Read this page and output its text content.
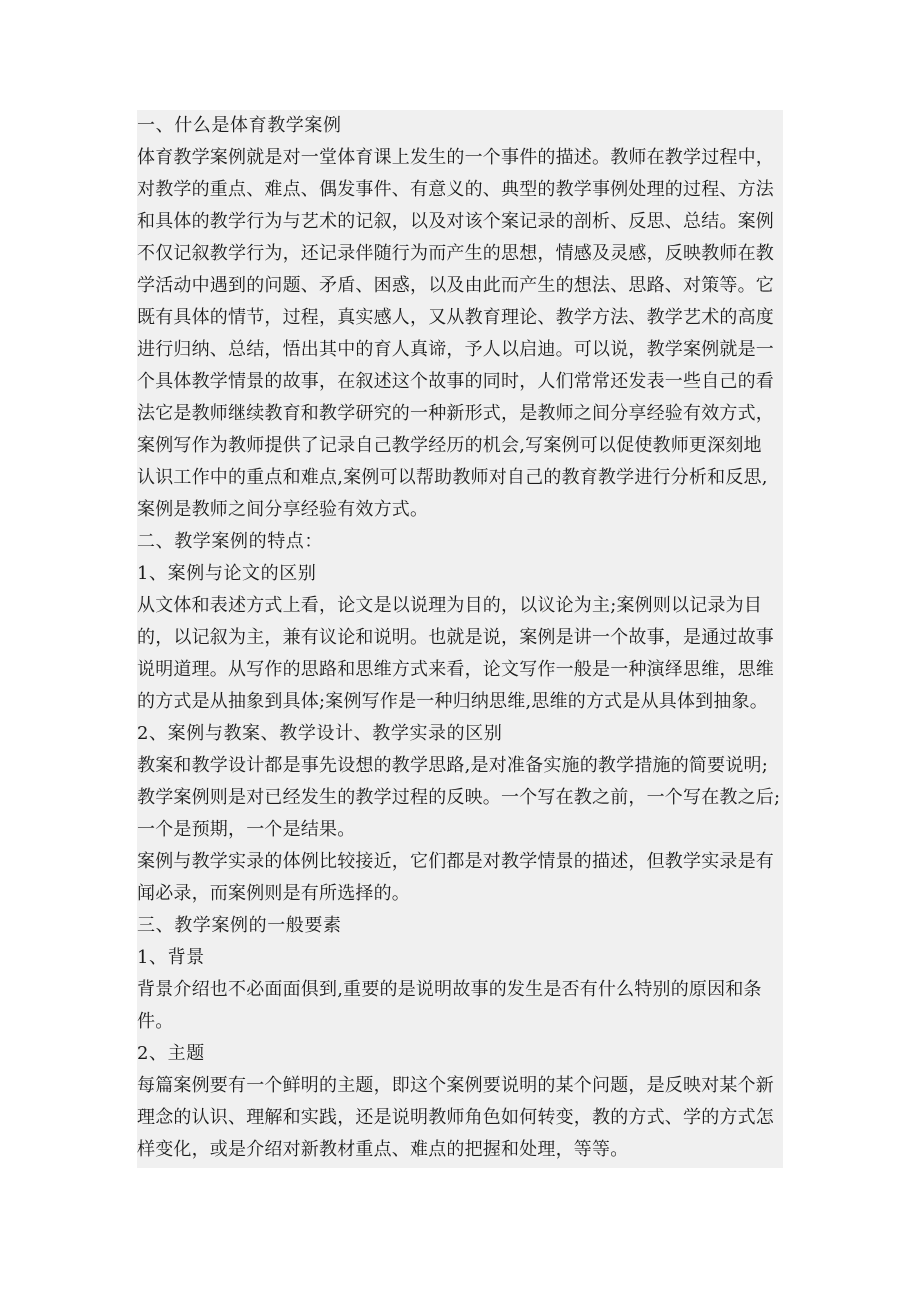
一、什么是体育教学案例
体育教学案例就是对一堂体育课上发生的一个事件的描述。教师在教学过程中，
对教学的重点、难点、偶发事件、有意义的、典型的教学事例处理的过程、方法
和具体的教学行为与艺术的记叙，以及对该个案记录的剖析、反思、总结。案例
不仅记叙教学行为，还记录伴随行为而产生的思想，情感及灵感，反映教师在教
学活动中遇到的问题、矛盾、困惑，以及由此而产生的想法、思路、对策等。它
既有具体的情节，过程，真实感人，又从教育理论、教学方法、教学艺术的高度
进行归纳、总结，悟出其中的育人真谛，予人以启迪。可以说，教学案例就是一
个具体教学情景的故事，在叙述这个故事的同时，人们常常还发表一些自己的看
法它是教师继续教育和教学研究的一种新形式，是教师之间分享经验有效方式，
案例写作为教师提供了记录自己教学经历的机会,写案例可以促使教师更深刻地
认识工作中的重点和难点,案例可以帮助教师对自己的教育教学进行分析和反思,
案例是教师之间分享经验有效方式。
二、教学案例的特点：
1、案例与论文的区别
从文体和表述方式上看，论文是以说理为目的，以议论为主;案例则以记录为目
的，以记叙为主，兼有议论和说明。也就是说，案例是讲一个故事，是通过故事
说明道理。从写作的思路和思维方式来看，论文写作一般是一种演绎思维，思维
的方式是从抽象到具体;案例写作是一种归纳思维,思维的方式是从具体到抽象。
2、案例与教案、教学设计、教学实录的区别
教案和教学设计都是事先设想的教学思路,是对准备实施的教学措施的简要说明;
教学案例则是对已经发生的教学过程的反映。一个写在教之前，一个写在教之后;
一个是预期，一个是结果。
案例与教学实录的体例比较接近，它们都是对教学情景的描述，但教学实录是有
闻必录，而案例则是有所选择的。
三、教学案例的一般要素
1、背景
背景介绍也不必面面俱到,重要的是说明故事的发生是否有什么特别的原因和条
件。
2、主题
每篇案例要有一个鲜明的主题，即这个案例要说明的某个问题，是反映对某个新
理念的认识、理解和实践，还是说明教师角色如何转变，教的方式、学的方式怎
样变化，或是介绍对新教材重点、难点的把握和处理，等等。
